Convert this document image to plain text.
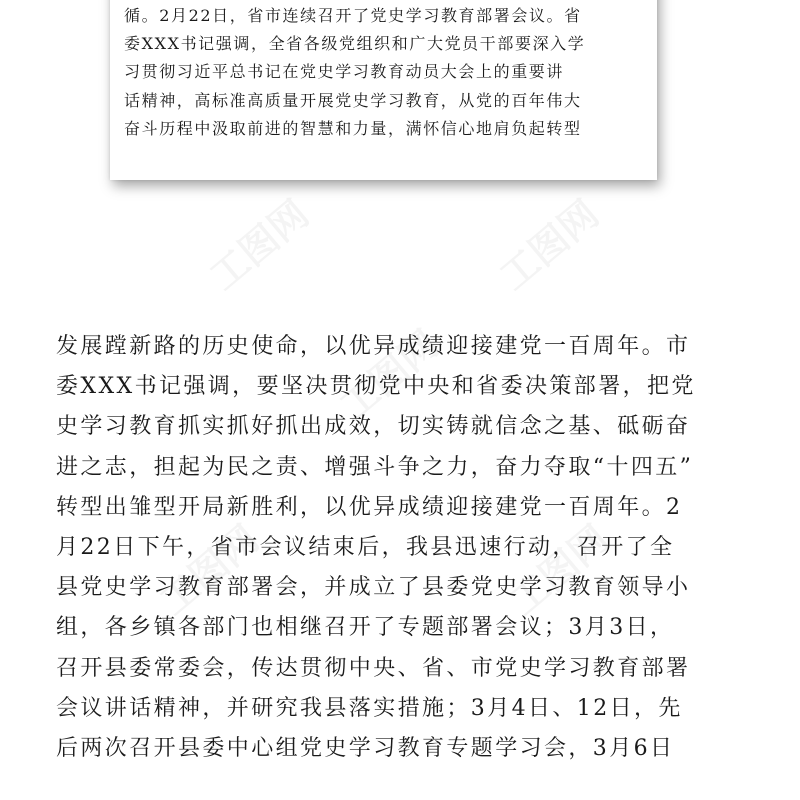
循。2月22日，省市连续召开了党史学习教育部署会议。省
委XXX书记强调，全省各级党组织和广大党员干部要深入学
习贯彻习近平总书记在党史学习教育动员大会上的重要讲
话精神，高标准高质量开展党史学习教育，从党的百年伟大
奋斗历程中汲取前进的智慧和力量，满怀信心地肩负起转型

发展蹚新路的历史使命，以优异成绩迎接建党一百周年。市
委XXX书记强调，要坚决贯彻党中央和省委决策部署，把党
史学习教育抓实抓好抓出成效，切实铸就信念之基、砥砺奋
进之志，担起为民之责、增强斗争之力，奋力夺取“十四五”
转型出雏型开局新胜利，以优异成绩迎接建党一百周年。2
月22日下午，省市会议结束后，我县迅速行动，召开了全
县党史学习教育部署会，并成立了县委党史学习教育领导小
组，各乡镇各部门也相继召开了专题部署会议；3月3日，
召开县委常委会，传达贯彻中央、省、市党史学习教育部署
会议讲话精神，并研究我县落实措施；3月4日、12日，先
后两次召开县委中心组党史学习教育专题学习会，3月6日
